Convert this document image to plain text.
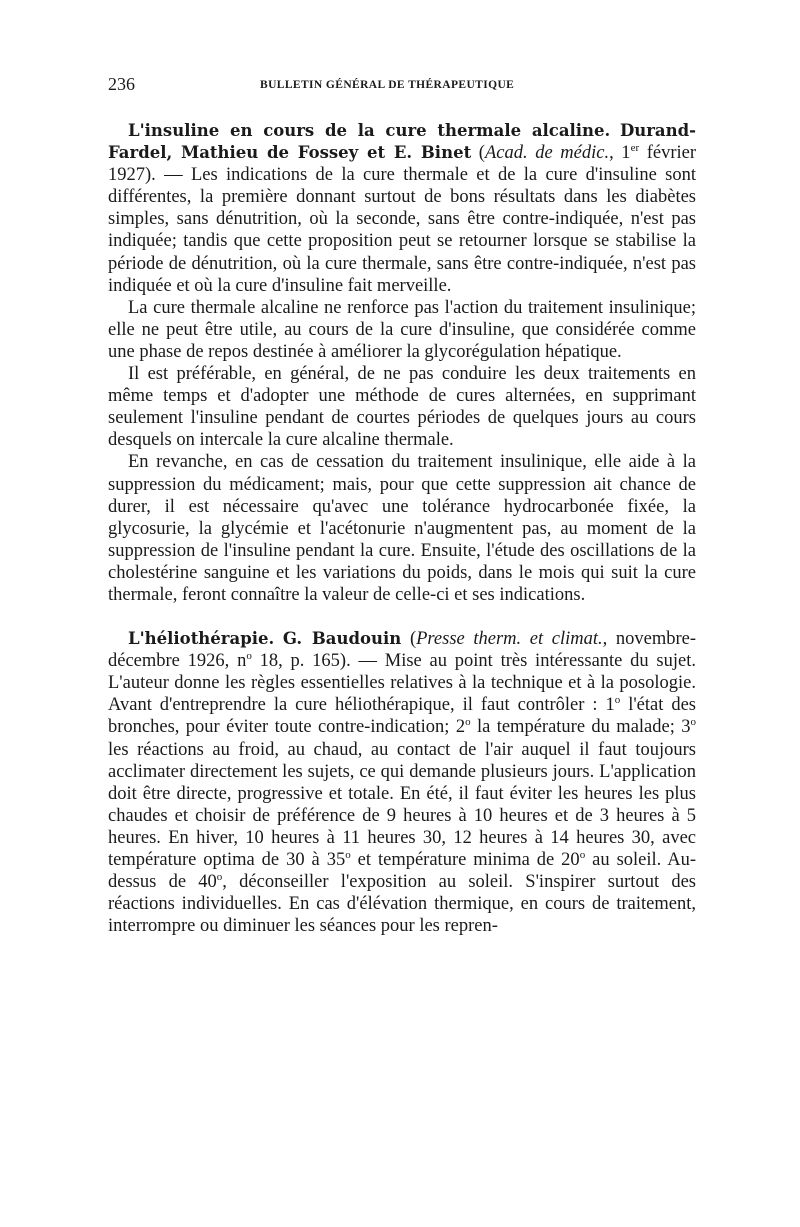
236	BULLETIN GÉNÉRAL DE THÉRAPEUTIQUE

L'insuline en cours de la cure thermale alcaline. Durand-Fardel, Mathieu de Fossey et E. Binet (Acad. de médic., 1er février 1927). — Les indications de la cure thermale et de la cure d'insuline sont différentes, la première donnant surtout de bons résultats dans les diabètes simples, sans dénutrition, où la seconde, sans être contre-indiquée, n'est pas indiquée; tandis que cette proposition peut se retourner lorsque se stabilise la période de dénutrition, où la cure thermale, sans être contre-indiquée, n'est pas indiquée et où la cure d'insuline fait merveille.

La cure thermale alcaline ne renforce pas l'action du traitement insulinique; elle ne peut être utile, au cours de la cure d'insuline, que considérée comme une phase de repos destinée à améliorer la glycorégulation hépatique.

Il est préférable, en général, de ne pas conduire les deux traitements en même temps et d'adopter une méthode de cures alternées, en supprimant seulement l'insuline pendant de courtes périodes de quelques jours au cours desquels on intercale la cure alcaline thermale.

En revanche, en cas de cessation du traitement insulinique, elle aide à la suppression du médicament; mais, pour que cette suppression ait chance de durer, il est nécessaire qu'avec une tolérance hydrocarbonée fixée, la glycosurie, la glycémie et l'acétonurie n'augmentent pas, au moment de la suppression de l'insuline pendant la cure. Ensuite, l'étude des oscillations de la cholestérine sanguine et les variations du poids, dans le mois qui suit la cure thermale, feront connaître la valeur de celle-ci et ses indications.

L'héliothérapie. G. Baudouin (Presse therm. et climat., novembre-décembre 1926, $n^o$ 18, p. 165). — Mise au point très intéressante du sujet. L'auteur donne les règles essentielles relatives à la technique et à la posologie. Avant d'entreprendre la cure héliothérapique, il faut contrôler : 1$^o$ l'état des bronches, pour éviter toute contre-indication; 2$^o$ la température du malade; 3$^o$ les réactions au froid, au chaud, au contact de l'air auquel il faut toujours acclimater directement les sujets, ce qui demande plusieurs jours. L'application doit être directe, progressive et totale. En été, il faut éviter les heures les plus chaudes et choisir de préférence de 9 heures à 10 heures et de 3 heures à 5 heures. En hiver, 10 heures à 11 heures 30, 12 heures à 14 heures 30, avec température optima de 30 à 35$^o$ et température minima de 20$^o$ au soleil. Au-dessus de 40$^o$, déconseiller l'exposition au soleil. S'inspirer surtout des réactions individuelles. En cas d'élévation thermique, en cours de traitement, interrompre ou diminuer les séances pour les repren-
